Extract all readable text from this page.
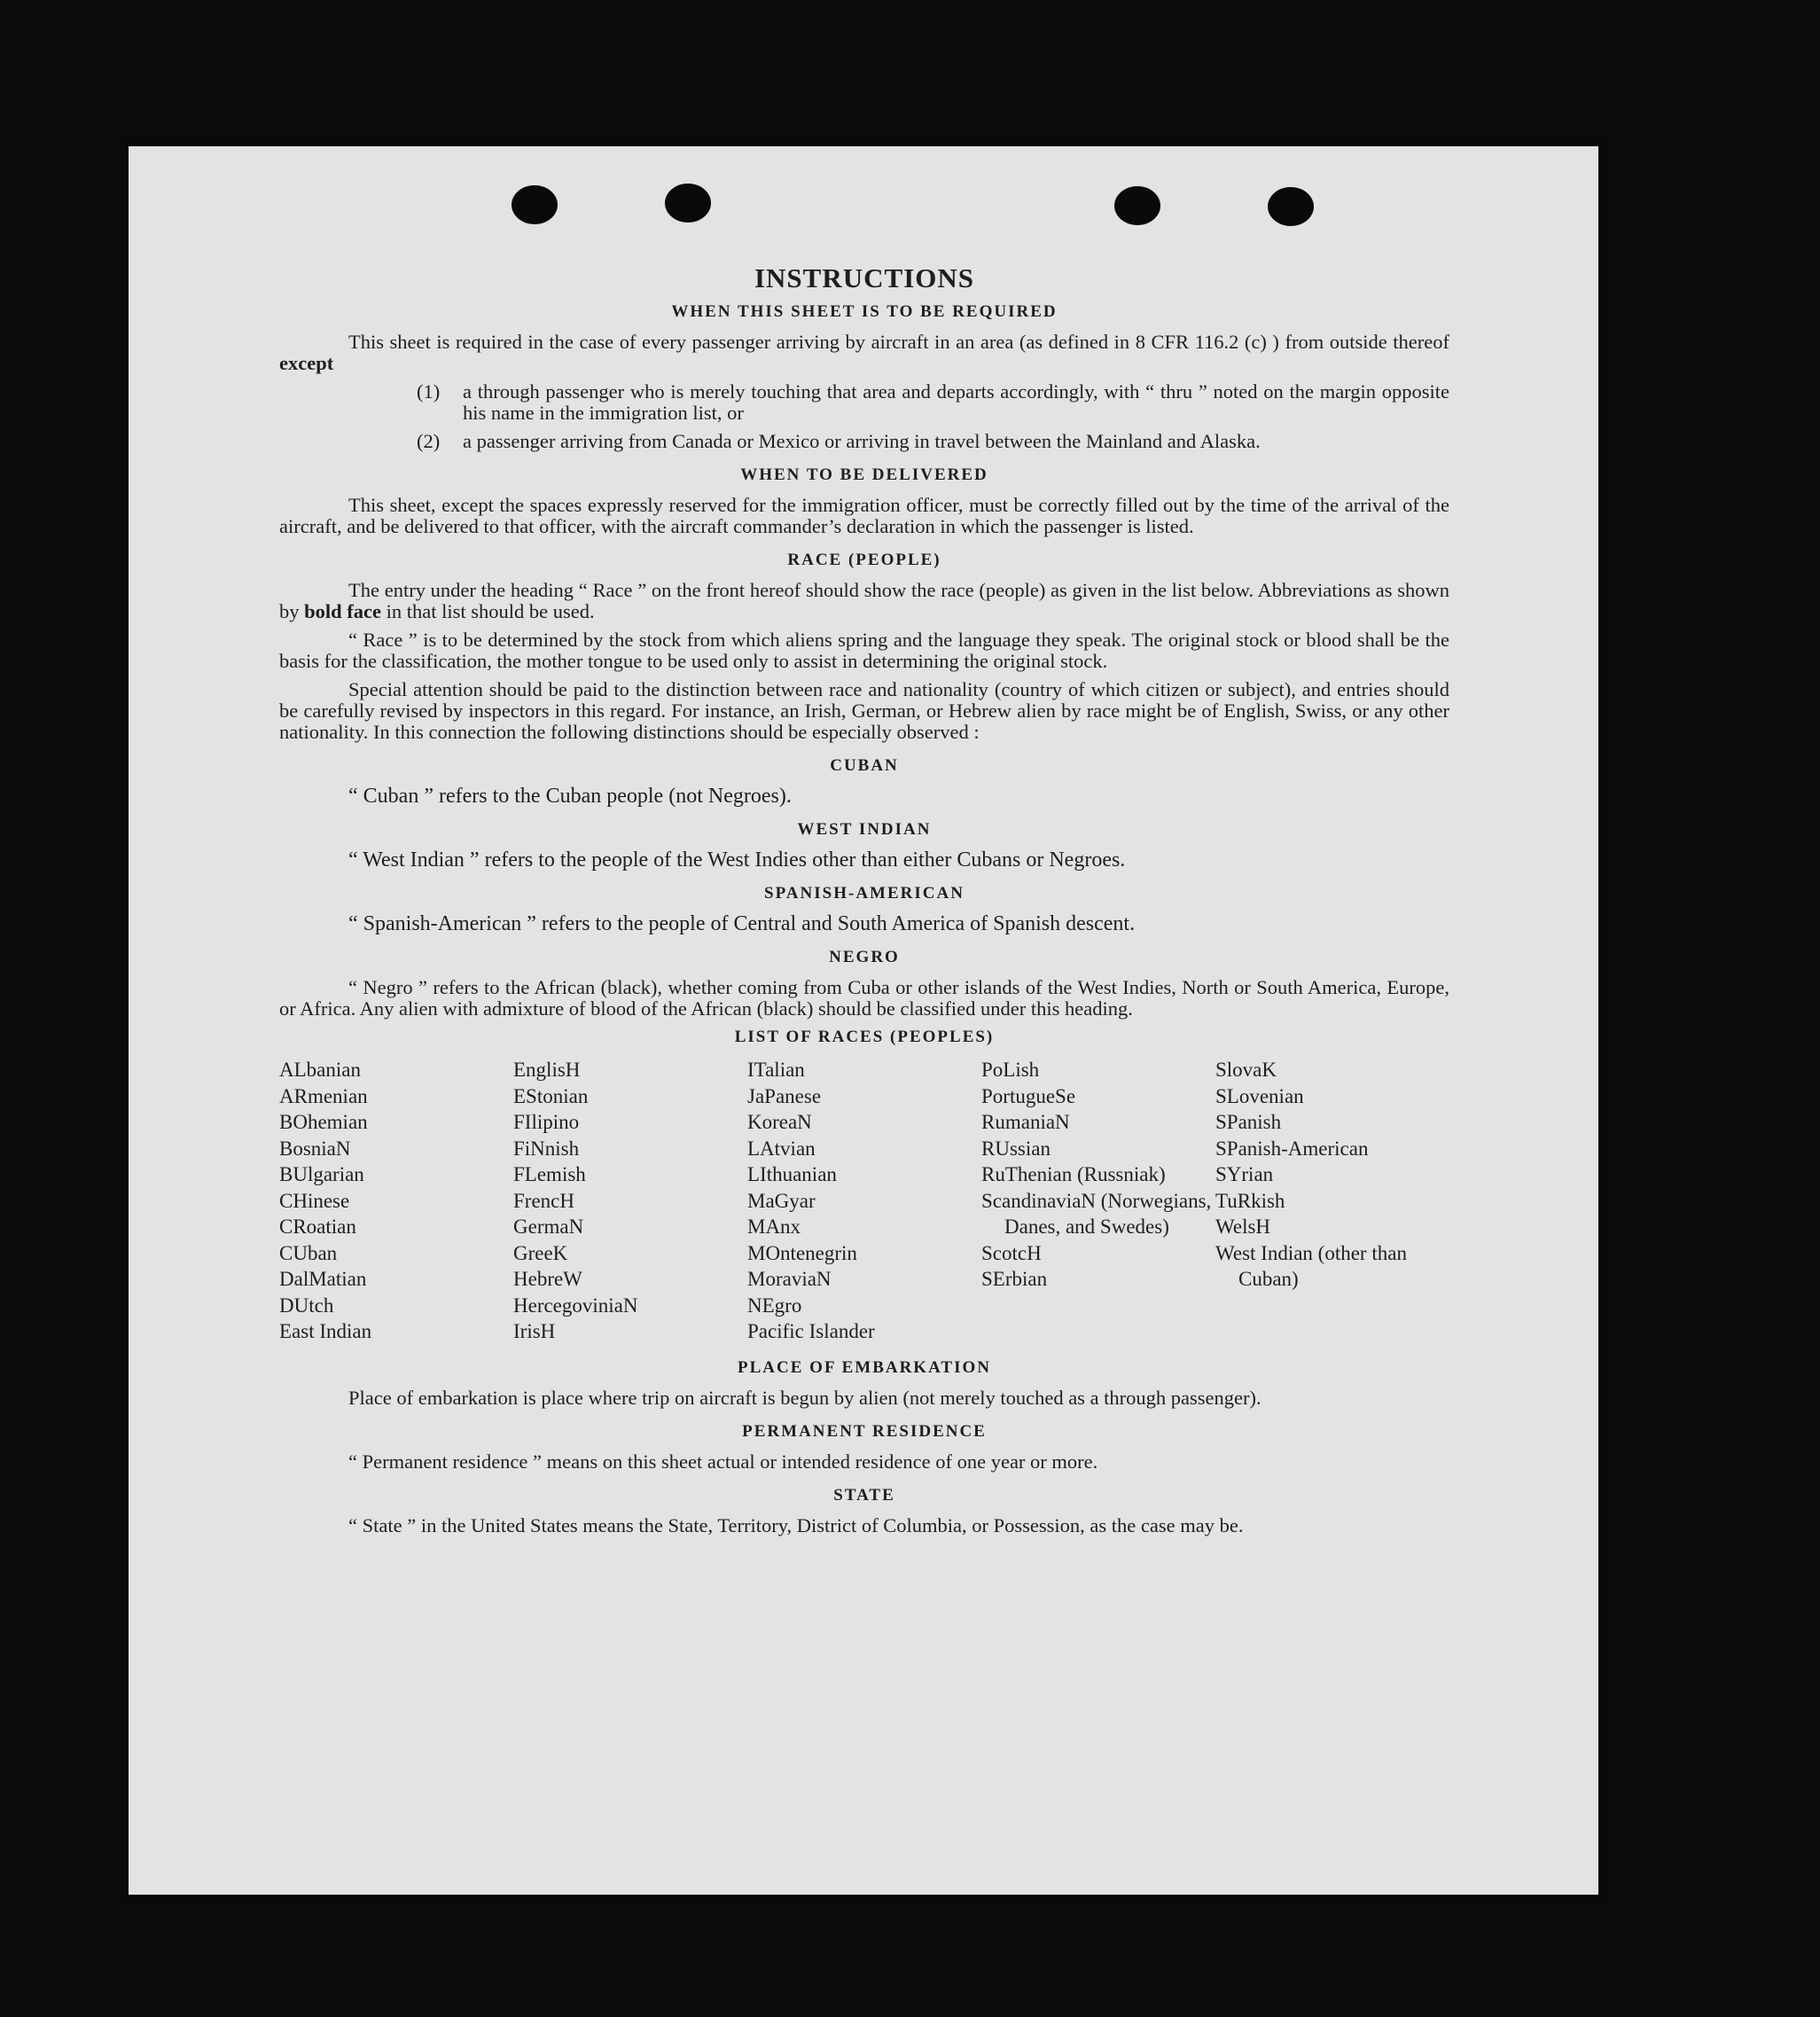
INSTRUCTIONS
WHEN THIS SHEET IS TO BE REQUIRED

This sheet is required in the case of every passenger arriving by aircraft in an area (as defined in 8 CFR 116.2 (c) ) from outside thereof except

(1)	a through passenger who is merely touching that area and departs accordingly, with “ thru ” noted on the margin opposite his name in the immigration list, or
(2)	a passenger arriving from Canada or Mexico or arriving in travel between the Mainland and Alaska.
WHEN TO BE DELIVERED

This sheet, except the spaces expressly reserved for the immigration officer, must be correctly filled out by the time of the arrival of the aircraft, and be delivered to that officer, with the aircraft commander’s declaration in which the passenger is listed.

RACE (PEOPLE)

The entry under the heading “ Race ” on the front hereof should show the race (people) as given in the list below. Abbreviations as shown by bold face in that list should be used.

“ Race ” is to be determined by the stock from which aliens spring and the language they speak. The original stock or blood shall be the basis for the classification, the mother tongue to be used only to assist in determining the original stock.

Special attention should be paid to the distinction between race and nationality (country of which citizen or subject), and entries should be carefully revised by inspectors in this regard. For instance, an Irish, German, or Hebrew alien by race might be of English, Swiss, or any other nationality. In this connection the following distinctions should be especially observed :

CUBAN
“ Cuban ” refers to the Cuban people (not Negroes).
WEST INDIAN
“ West Indian ” refers to the people of the West Indies other than either Cubans or Negroes.
SPANISH-AMERICAN
“ Spanish-American ” refers to the people of Central and South America of Spanish descent.
NEGRO

“ Negro ” refers to the African (black), whether coming from Cuba or other islands of the West Indies, North or South America, Europe, or Africa. Any alien with admixture of blood of the African (black) should be classified under this heading.

LIST OF RACES (PEOPLES)
ALbanian
ARmenian
BOhemian
BosniaN
BUlgarian
CHinese
CRoatian
CUban
DalMatian
DUtch
East Indian
EnglisH
EStonian
FIlipino
FiNnish
FLemish
FrencH
GermaN
GreeK
HebreW
HercegoviniaN
IrisH
ITalian
JaPanese
KoreaN
LAtvian
LIthuanian
MaGyar
MAnx
MOntenegrin
MoraviaN
NEgro
Pacific Islander
PoLish
PortugueSe
RumaniaN
RUssian
RuThenian (Russniak)
ScandinaviaN (Norwegians, Danes, and Swedes)
ScotcH
SErbian
SlovaK
SLovenian
SPanish
SPanish-American
SYrian
TuRkish
WelsH
West Indian (other than Cuban)
PLACE OF EMBARKATION

Place of embarkation is place where trip on aircraft is begun by alien (not merely touched as a through passenger).

PERMANENT RESIDENCE

“ Permanent residence ” means on this sheet actual or intended residence of one year or more.

STATE

“ State ” in the United States means the State, Territory, District of Columbia, or Possession, as the case may be.
